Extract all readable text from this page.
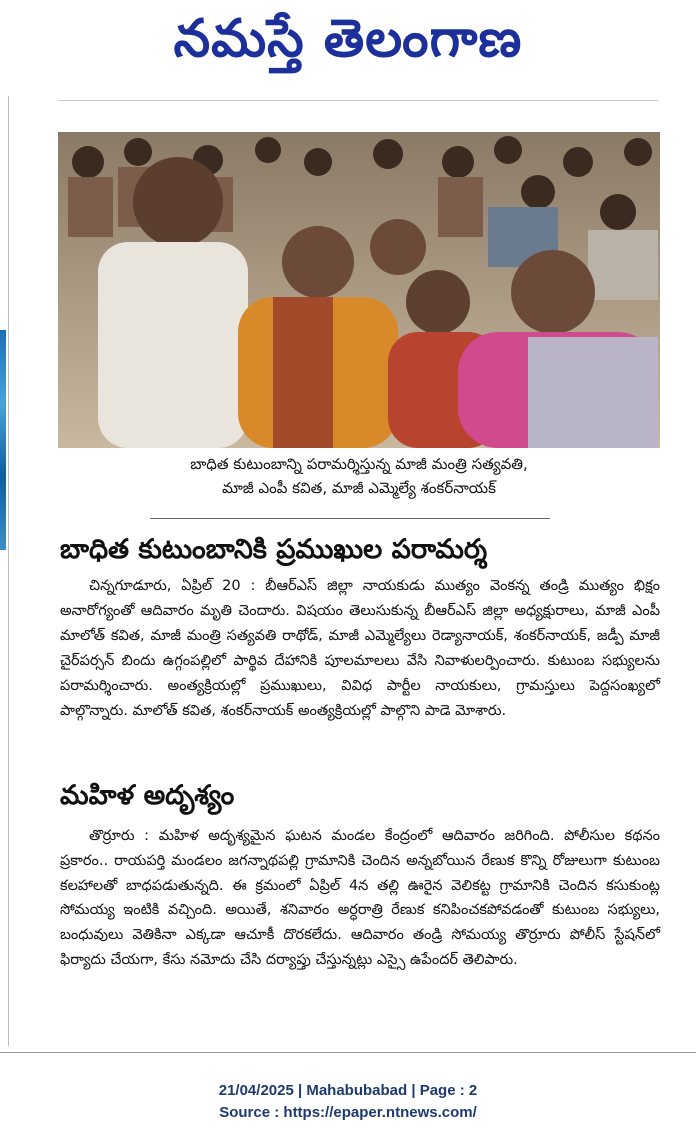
నమస్తే తెలంగాణ
బాధిత కుటుంబాన్ని పరామర్శిస్తున్న మాజీ మంత్రి సత్యవతి,
మాజీ ఎంపీ కవిత, మాజీ ఎమ్మెల్యే శంకర్‌నాయక్
బాధిత కుటుంబానికి ప్రముఖుల పరామర్శ
చిన్నగూడూరు, ఏప్రిల్ 20 : బీఆర్‌ఎస్ జిల్లా నాయకుడు ముత్యం వెంకన్న తండ్రి ముత్యం భిక్షం అనారోగ్యంతో ఆదివారం మృతి చెందారు. విషయం తెలుసుకున్న బీఆర్‌ఎస్ జిల్లా అధ్యక్షురాలు, మాజీ ఎంపీ మాలోత్ కవిత, మాజీ మంత్రి సత్యవతి రాథోడ్, మాజీ ఎమ్మెల్యేలు రెడ్యానాయక్, శంకర్‌నాయక్, జడ్పీ మాజీ చైర్‌పర్సన్ బిందు ఉగ్గంపల్లిలో పార్థివ దేహానికి పూలమాలలు వేసి నివాళులర్పించారు. కుటుంబ సభ్యులను పరామర్శించారు. అంత్యక్రియల్లో ప్రముఖులు, వివిధ పార్టీల నాయకులు, గ్రామస్తులు పెద్దసంఖ్యలో పాల్గొన్నారు. మాలోత్ కవిత, శంకర్‌నాయక్ అంత్యక్రియల్లో పాల్గొని పాడె మోశారు.
మహిళ అదృశ్యం
తొర్రూరు : మహిళ అదృశ్యమైన ఘటన మండల కేంద్రంలో ఆదివారం జరిగింది. పోలీసుల కథనం ప్రకారం.. రాయపర్తి మండలం జగన్నాథపల్లి గ్రామానికి చెందిన అన్నబోయిన రేణుక కొన్ని రోజులుగా కుటుంబ కలహాలతో బాధపడుతున్నది. ఈ క్రమంలో ఏప్రిల్ 4న తల్లి ఊరైన వెలికట్ట గ్రామానికి చెందిన కసుకుంట్ల సోమయ్య ఇంటికి వచ్చింది. అయితే, శనివారం అర్ధరాత్రి రేణుక కనిపించకపోవడంతో కుటుంబ సభ్యులు, బంధువులు వెతికినా ఎక్కడా ఆచూకీ దొరకలేదు. ఆదివారం తండ్రి సోమయ్య తొర్రూరు పోలీస్ స్టేషన్‌లో ఫిర్యాదు చేయగా, కేసు నమోదు చేసి దర్యాప్తు చేస్తున్నట్లు ఎస్సై ఉపేందర్ తెలిపారు.
21/04/2025 | Mahabubabad | Page : 2
Source : https://epaper.ntnews.com/
